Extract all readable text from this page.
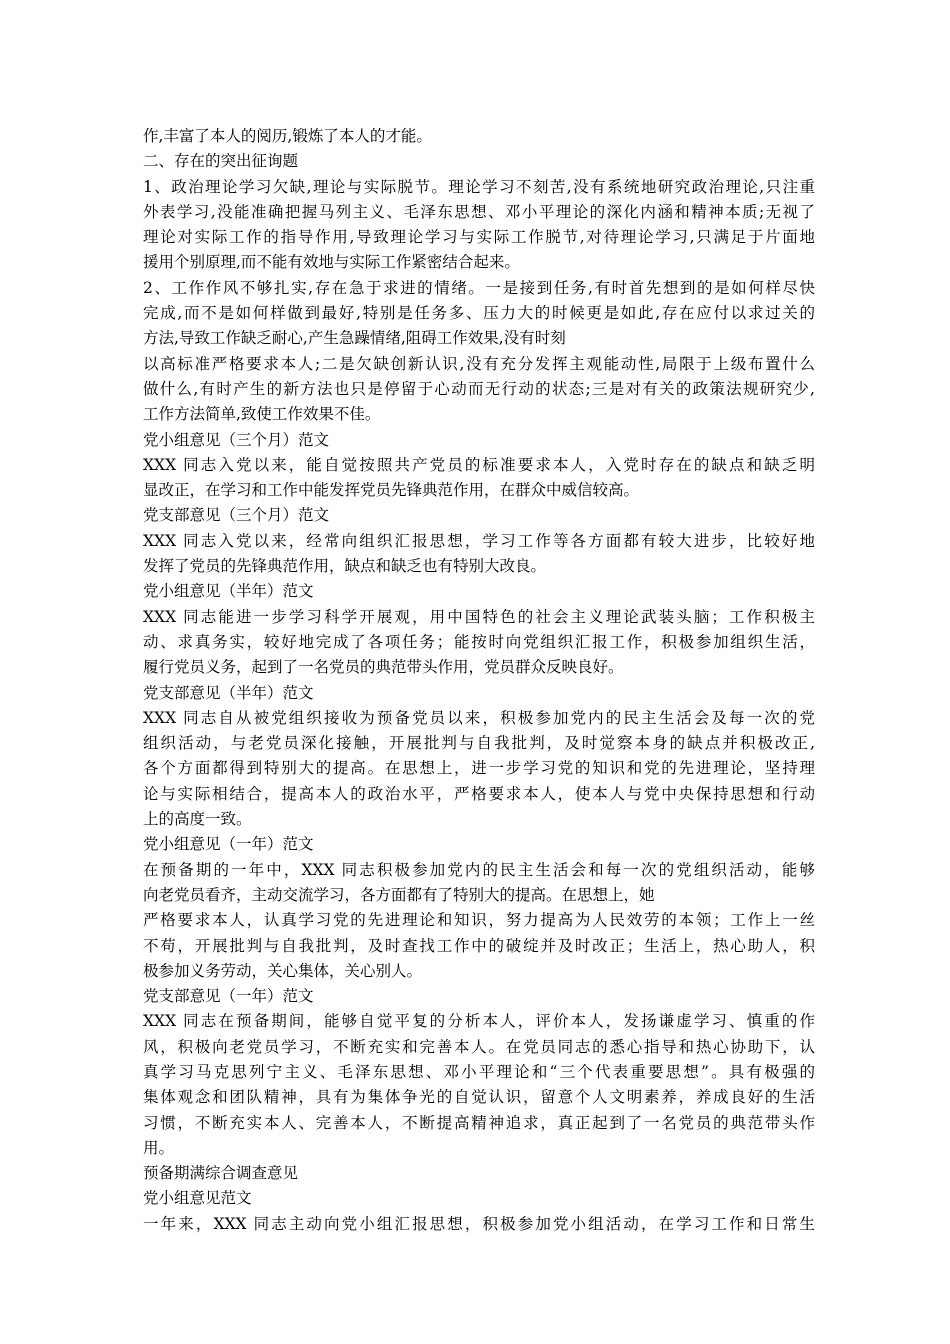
作,丰富了本人的阅历,锻炼了本人的才能。
二、存在的突出征询题
1、政治理论学习欠缺,理论与实际脱节。理论学习不刻苦,没有系统地研究政治理论,只注重
外表学习,没能准确把握马列主义、毛泽东思想、邓小平理论的深化内涵和精神本质;无视了
理论对实际工作的指导作用,导致理论学习与实际工作脱节,对待理论学习,只满足于片面地
援用个别原理,而不能有效地与实际工作紧密结合起来。
2、工作作风不够扎实,存在急于求进的情绪。一是接到任务,有时首先想到的是如何样尽快
完成,而不是如何样做到最好,特别是任务多、压力大的时候更是如此,存在应付以求过关的
方法,导致工作缺乏耐心,产生急躁情绪,阻碍工作效果,没有时刻
以高标准严格要求本人;二是欠缺创新认识,没有充分发挥主观能动性,局限于上级布置什么
做什么,有时产生的新方法也只是停留于心动而无行动的状态;三是对有关的政策法规研究少,
工作方法简单,致使工作效果不佳。
党小组意见（三个月）范文
XXX 同志入党以来，能自觉按照共产党员的标准要求本人，入党时存在的缺点和缺乏明
显改正，在学习和工作中能发挥党员先锋典范作用，在群众中威信较高。
党支部意见（三个月）范文
XXX 同志入党以来，经常向组织汇报思想，学习工作等各方面都有较大进步，比较好地
发挥了党员的先锋典范作用，缺点和缺乏也有特别大改良。
党小组意见（半年）范文
XXX 同志能进一步学习科学开展观，用中国特色的社会主义理论武装头脑；工作积极主
动、求真务实，较好地完成了各项任务；能按时向党组织汇报工作，积极参加组织生活，
履行党员义务，起到了一名党员的典范带头作用，党员群众反映良好。
党支部意见（半年）范文
XXX 同志自从被党组织接收为预备党员以来，积极参加党内的民主生活会及每一次的党
组织活动，与老党员深化接触，开展批判与自我批判，及时觉察本身的缺点并积极改正,
各个方面都得到特别大的提高。在思想上，进一步学习党的知识和党的先进理论，坚持理
论与实际相结合，提高本人的政治水平，严格要求本人，使本人与党中央保持思想和行动
上的高度一致。
党小组意见（一年）范文
在预备期的一年中，XXX 同志积极参加党内的民主生活会和每一次的党组织活动，能够
向老党员看齐，主动交流学习，各方面都有了特别大的提高。在思想上，她
严格要求本人，认真学习党的先进理论和知识，努力提高为人民效劳的本领；工作上一丝
不苟，开展批判与自我批判，及时查找工作中的破绽并及时改正；生活上，热心助人，积
极参加义务劳动，关心集体，关心别人。
党支部意见（一年）范文
XXX 同志在预备期间，能够自觉平复的分析本人，评价本人，发扬谦虚学习、慎重的作
风，积极向老党员学习，不断充实和完善本人。在党员同志的悉心指导和热心协助下，认
真学习马克思列宁主义、毛泽东思想、邓小平理论和“三个代表重要思想”。具有极强的
集体观念和团队精神，具有为集体争光的自觉认识，留意个人文明素养，养成良好的生活
习惯，不断充实本人、完善本人，不断提高精神追求，真正起到了一名党员的典范带头作
用。
预备期满综合调查意见
党小组意见范文
一年来，XXX 同志主动向党小组汇报思想，积极参加党小组活动，在学习工作和日常生
